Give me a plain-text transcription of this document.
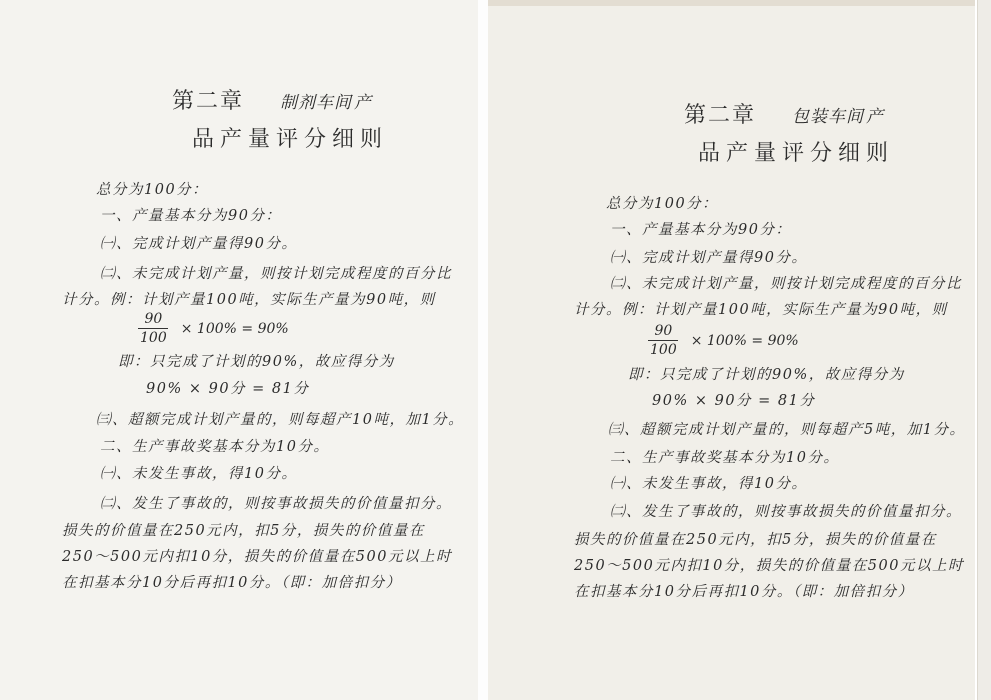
第二章 制剂车间 产
品产量评分细则
总分为100分：
一、产量基本分为90分：
㈠、完成计划产量得90分。
㈡、未完成计划产量，则按计划完成程度的百分比
计分。例：计划产量100吨，实际生产量为90吨，则
$\frac{90}{100} \times 100\% = 90\%$
即：只完成了计划的90%，故应得分为
90% × 90分 = 81分
㈢、超额完成计划产量的，则每超产10吨，加1分。
二、生产事故奖基本分为10分。
㈠、未发生事故，得10分。
㈡、发生了事故的，则按事故损失的价值量扣分。
损失的价值量在250元内，扣5分，损失的价值量在
250～500元内扣10分，损失的价值量在500元以上时
在扣基本分10分后再扣10分。（即：加倍扣分）
第二章 包装车间 产
品产量评分细则
总分为100分：
一、产量基本分为90分：
㈠、完成计划产量得90分。
㈡、未完成计划产量，则按计划完成程度的百分比
计分。例：计划产量100吨，实际生产量为90吨，则
$\frac{90}{100} \times 100\% = 90\%$
即：只完成了计划的90%，故应得分为
90% × 90分 = 81分
㈢、超额完成计划产量的，则每超产5吨，加1分。
二、生产事故奖基本分为10分。
㈠、未发生事故，得10分。
㈡、发生了事故的，则按事故损失的价值量扣分。
损失的价值量在250元内，扣5分，损失的价值量在
250～500元内扣10分，损失的价值量在500元以上时
在扣基本分10分后再扣10分。（即：加倍扣分）
